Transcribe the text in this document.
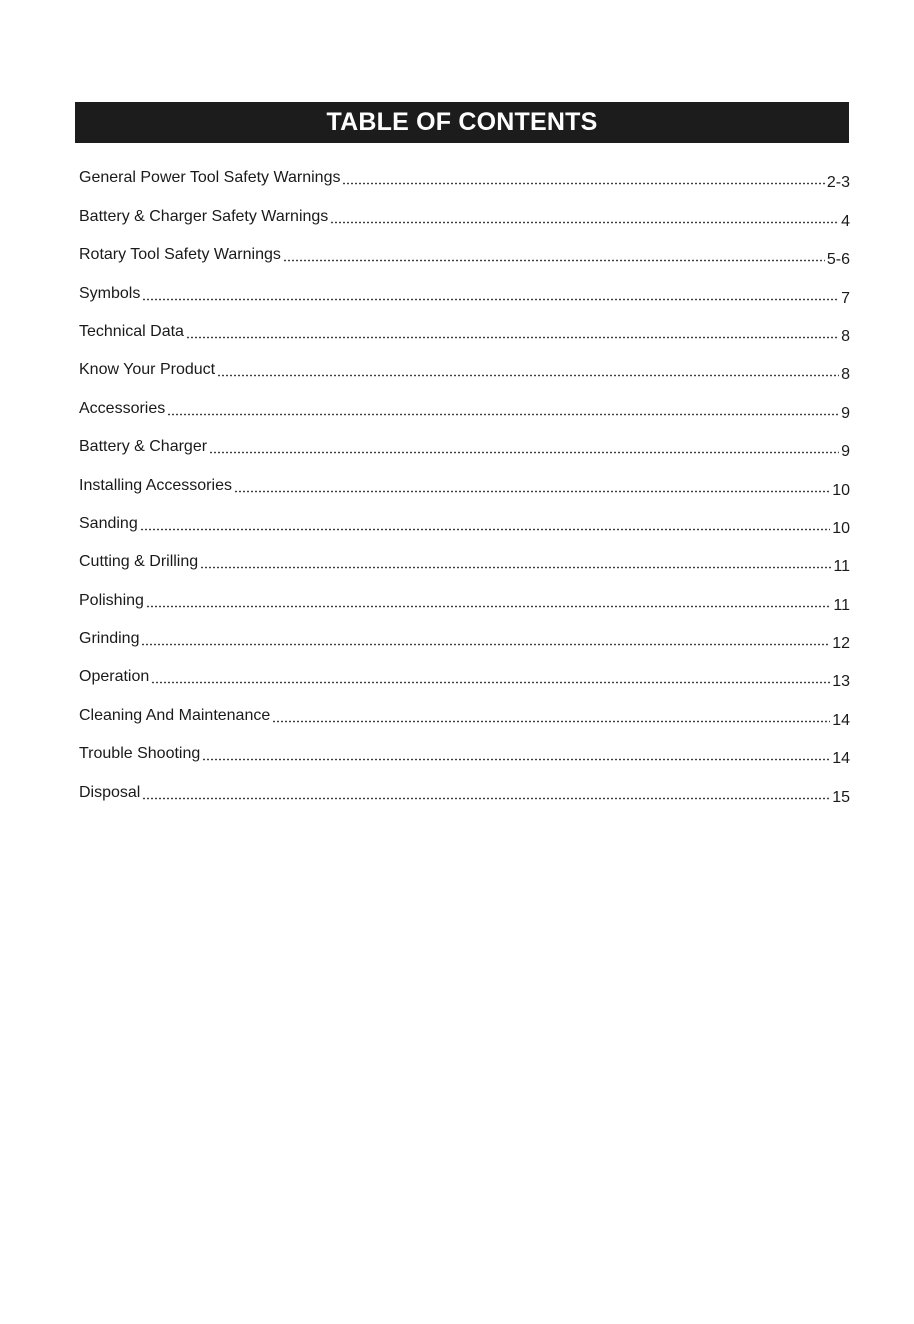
TABLE OF CONTENTS
General Power Tool Safety Warnings	2-3
Battery & Charger Safety Warnings	4
Rotary Tool Safety Warnings	5-6
Symbols	7
Technical Data	8
Know Your Product	8
Accessories	9
Battery & Charger	9
Installing Accessories	10
Sanding	10
Cutting & Drilling	11
Polishing	11
Grinding	12
Operation	13
Cleaning And Maintenance	14
Trouble Shooting	14
Disposal	15
